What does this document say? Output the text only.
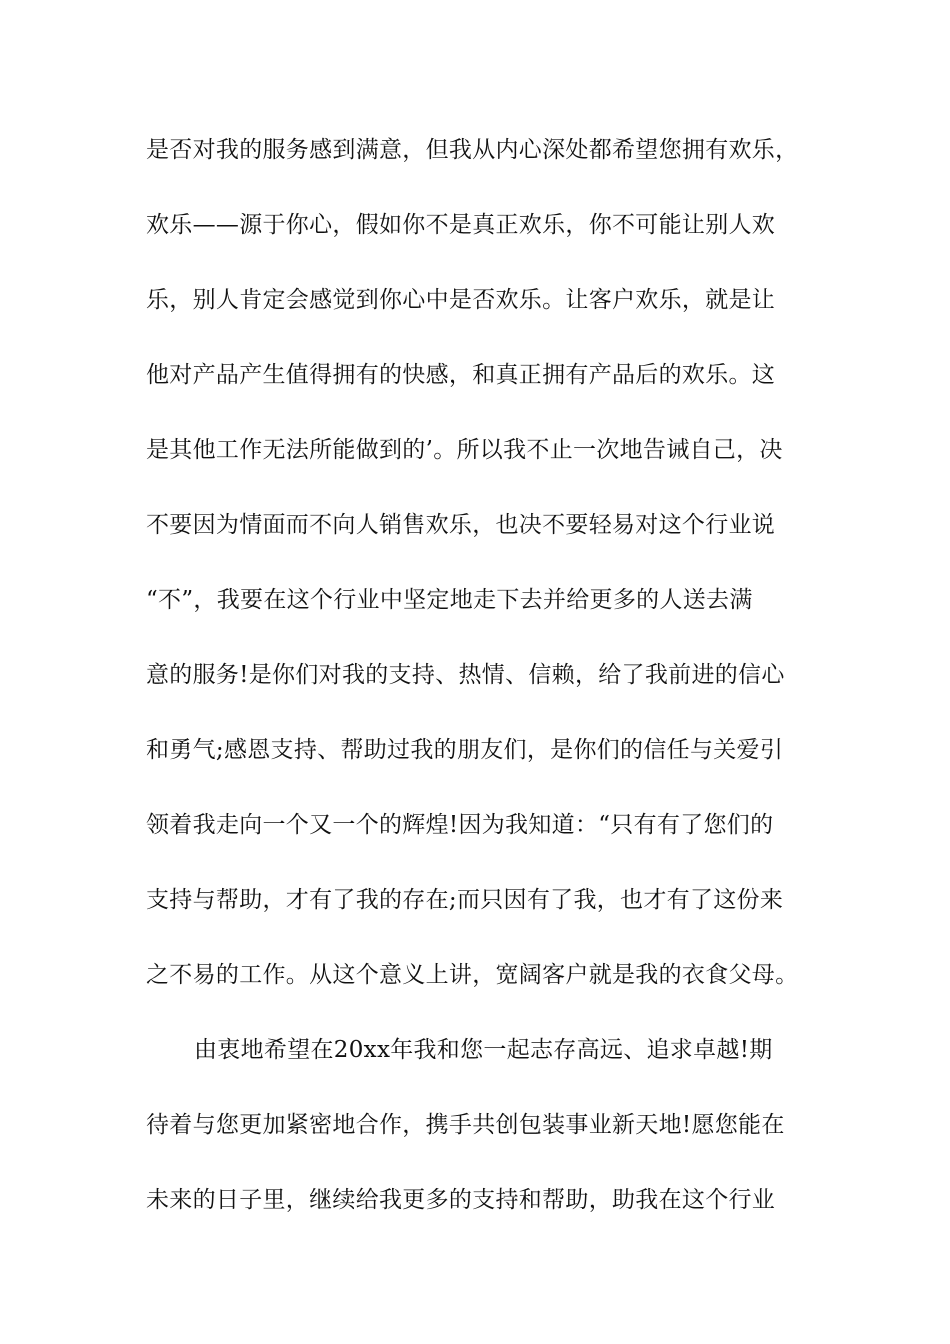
是否对我的服务感到满意，但我从内心深处都希望您拥有欢乐，
欢乐——源于你心，假如你不是真正欢乐，你不可能让别人欢
乐，别人肯定会感觉到你心中是否欢乐。让客户欢乐，就是让
他对产品产生值得拥有的快感，和真正拥有产品后的欢乐。这
是其他工作无法所能做到的’。所以我不止一次地告诫自己，决
不要因为情面而不向人销售欢乐，也决不要轻易对这个行业说
“不”，我要在这个行业中坚定地走下去并给更多的人送去满
意的服务!是你们对我的支持、热情、信赖，给了我前进的信心
和勇气;感恩支持、帮助过我的朋友们，是你们的信任与关爱引
领着我走向一个又一个的辉煌!因为我知道：“只有有了您们的
支持与帮助，才有了我的存在;而只因有了我，也才有了这份来
之不易的工作。从这个意义上讲，宽阔客户就是我的衣食父母。
由衷地希望在20xx年我和您一起志存高远、追求卓越!期
待着与您更加紧密地合作，携手共创包装事业新天地!愿您能在
未来的日子里，继续给我更多的支持和帮助，助我在这个行业
